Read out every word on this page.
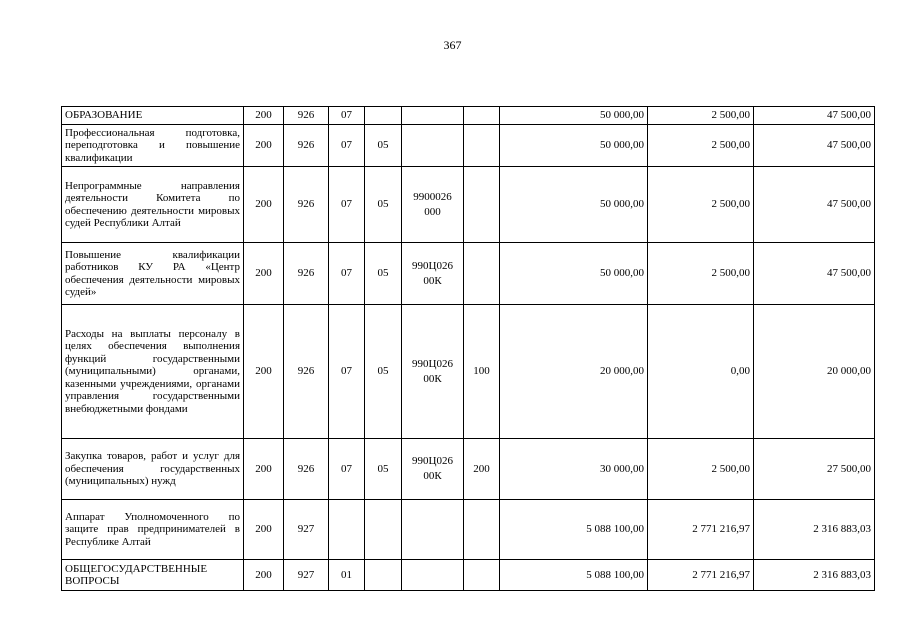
367
ОБРАЗОВАНИЕ	200	926	07				50 000,00	2 500,00	47 500,00
Профессиональная подготовка, переподготовка и повышение квалификации	200	926	07	05			50 000,00	2 500,00	47 500,00
Непрограммные направления деятельности Комитета по обеспечению деятельности мировых судей Республики Алтай	200	926	07	05	9900026 000		50 000,00	2 500,00	47 500,00
Повышение квалификации работников КУ РА «Центр обеспечения деятельности мировых судей»	200	926	07	05	990Ц026 00К		50 000,00	2 500,00	47 500,00
Расходы на выплаты персоналу в целях обеспечения выполнения функций государственными (муниципальными) органами, казенными учреждениями, органами управления государственными внебюджетными фондами	200	926	07	05	990Ц026 00К	100	20 000,00	0,00	20 000,00
Закупка товаров, работ и услуг для обеспечения государственных (муниципальных) нужд	200	926	07	05	990Ц026 00К	200	30 000,00	2 500,00	27 500,00
Аппарат Уполномоченного по защите прав предпринимателей в Республике Алтай	200	927					5 088 100,00	2 771 216,97	2 316 883,03
ОБЩЕГОСУДАРСТВЕННЫЕ ВОПРОСЫ	200	927	01				5 088 100,00	2 771 216,97	2 316 883,03
